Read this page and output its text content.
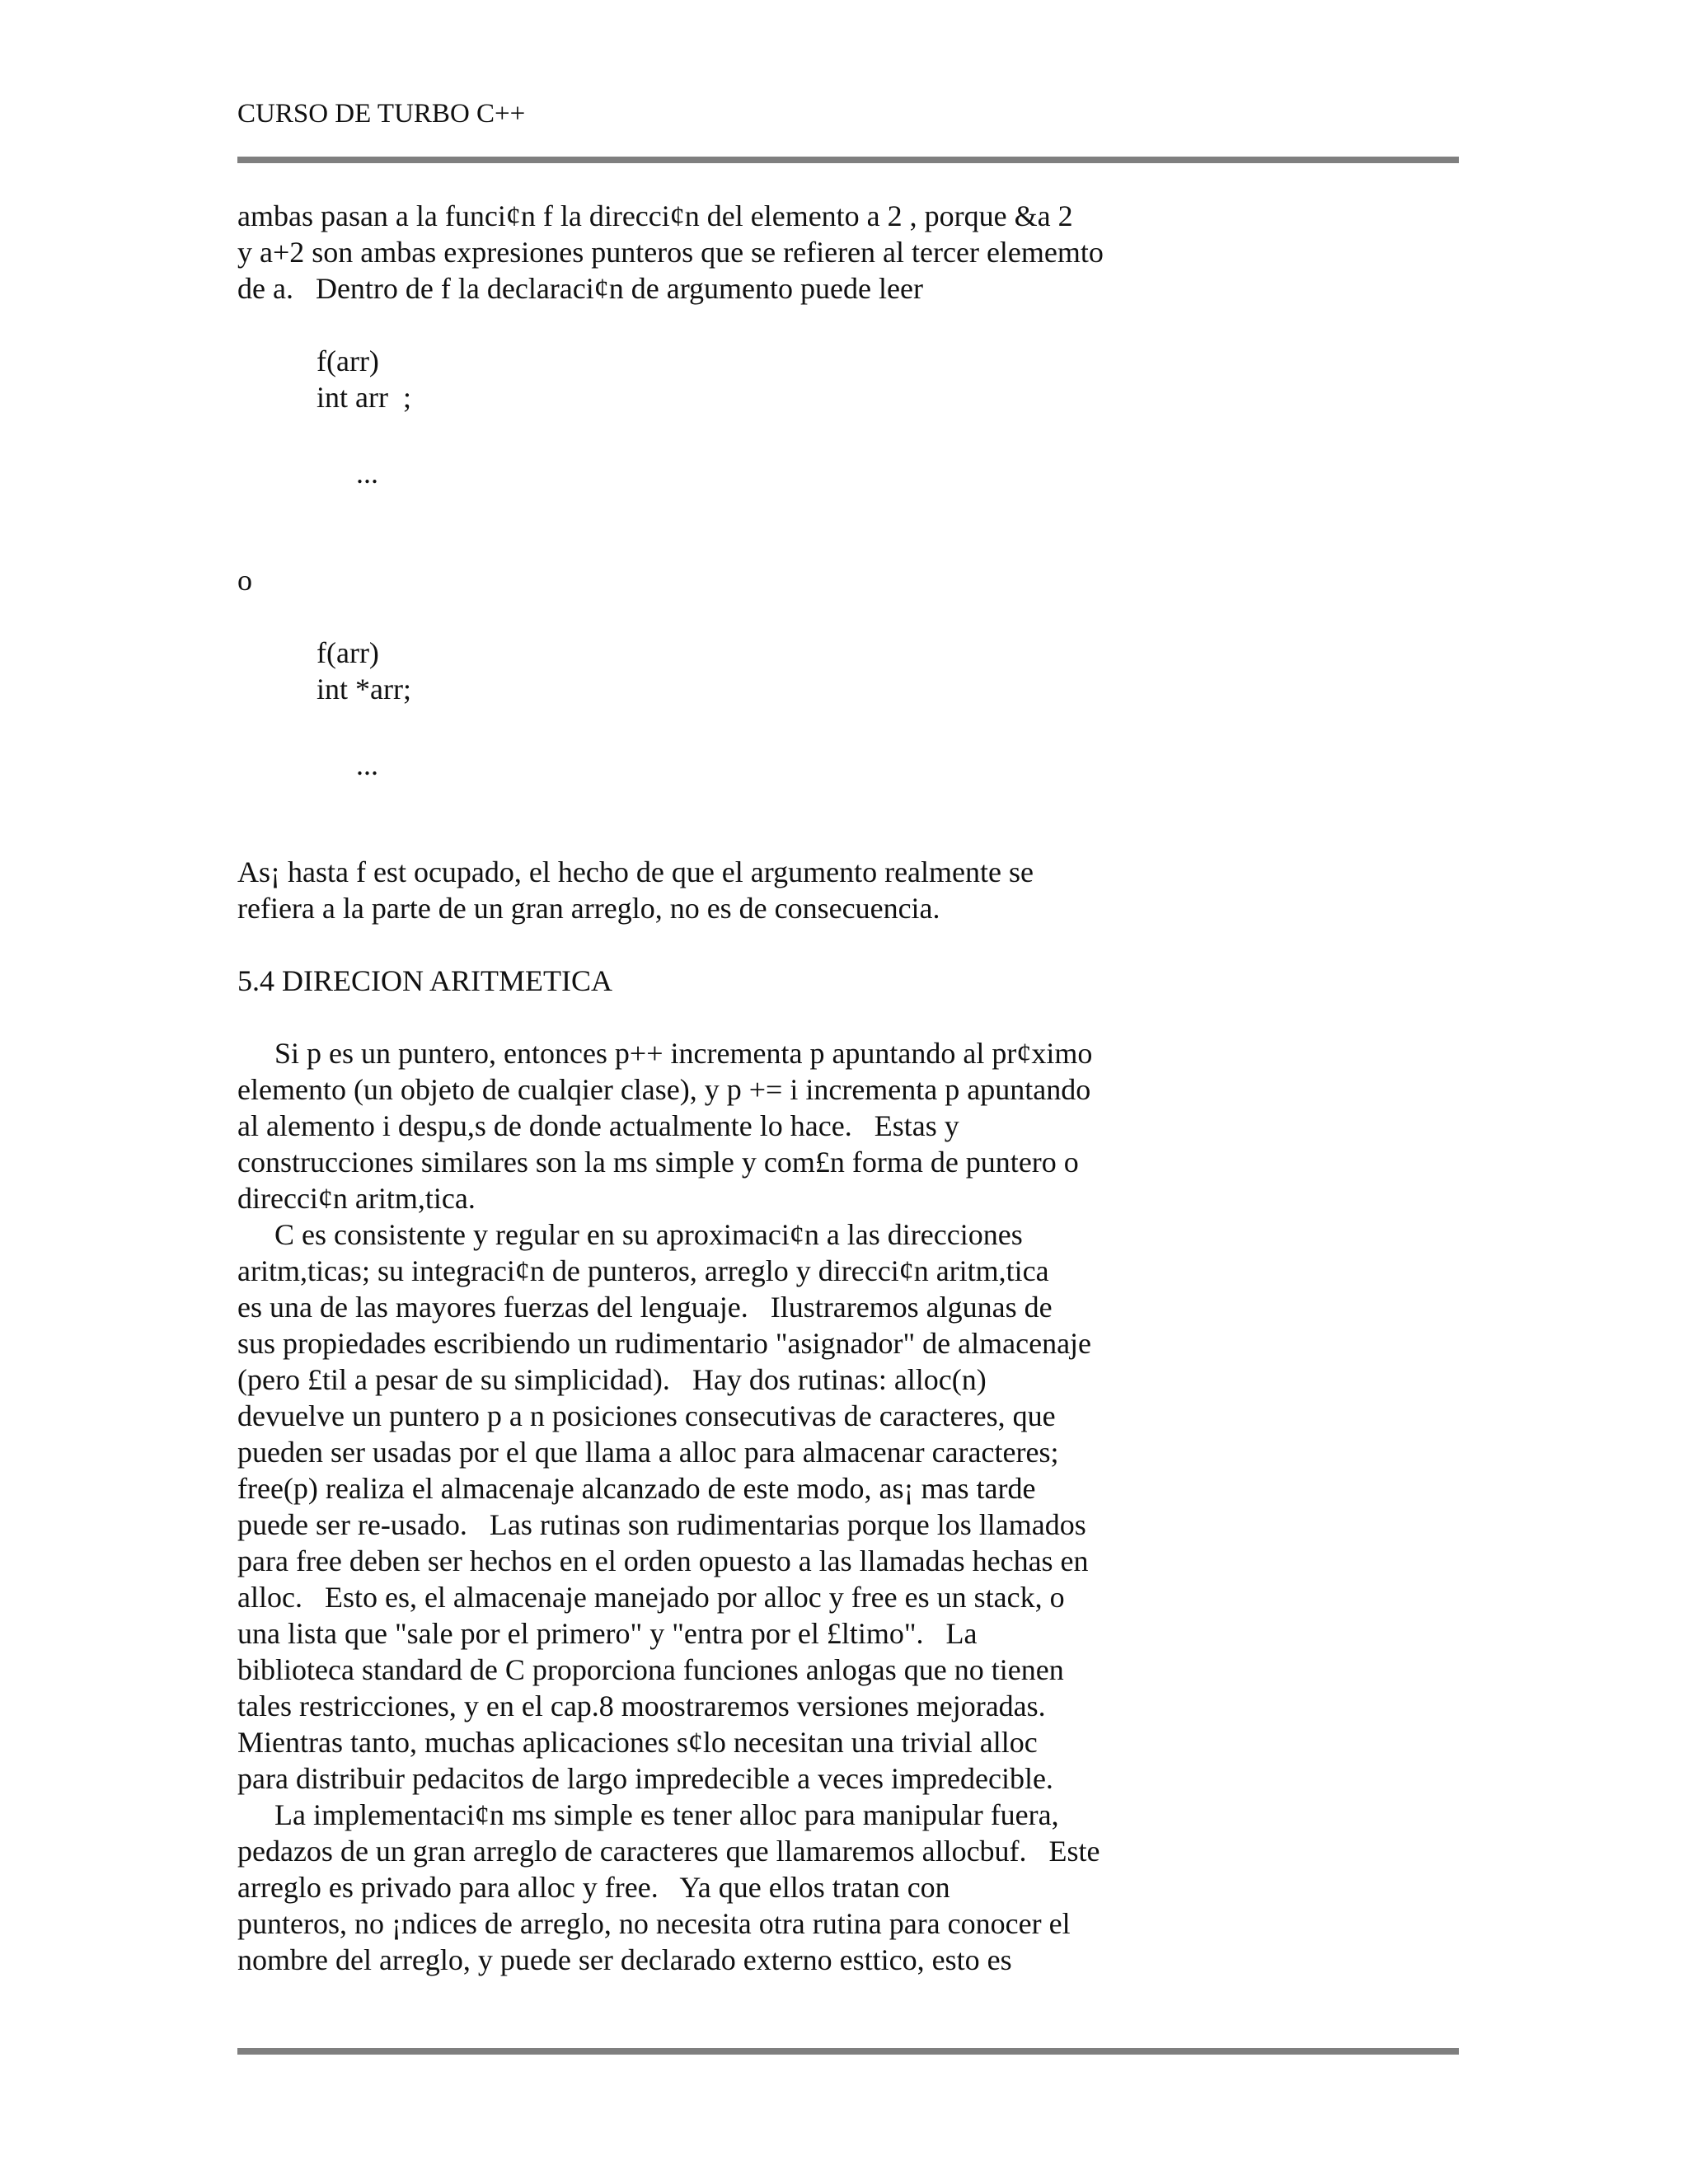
CURSO DE TURBO C++
ambas pasan a la funci¢n f la direcci¢n del elemento a 2 , porque &a 2
y a+2 son ambas expresiones punteros que se refieren al tercer elememto
de a.   Dentro de f la declaraci¢n de argumento puede leer
f(arr)
int arr  ;
...
o
f(arr)
int *arr;
...
As¡ hasta f est ocupado, el hecho de que el argumento realmente se
refiera a la parte de un gran arreglo, no es de consecuencia.
5.4 DIRECION ARITMETICA
Si p es un puntero, entonces p++ incrementa p apuntando al pr¢ximo
elemento (un objeto de cualqier clase), y p += i incrementa p apuntando
al alemento i despu,s de donde actualmente lo hace.   Estas y
construcciones similares son la ms simple y com£n forma de puntero o
direcci¢n aritm,tica.
C es consistente y regular en su aproximaci¢n a las direcciones
aritm,ticas; su integraci¢n de punteros, arreglo y direcci¢n aritm,tica
es una de las mayores fuerzas del lenguaje.   Ilustraremos algunas de
sus propiedades escribiendo un rudimentario "asignador" de almacenaje
(pero £til a pesar de su simplicidad).   Hay dos rutinas: alloc(n)
devuelve un puntero p a n posiciones consecutivas de caracteres, que
pueden ser usadas por el que llama a alloc para almacenar caracteres;
free(p) realiza el almacenaje alcanzado de este modo, as¡ mas tarde
puede ser re-usado.   Las rutinas son rudimentarias porque los llamados
para free deben ser hechos en el orden opuesto a las llamadas hechas en
alloc.   Esto es, el almacenaje manejado por alloc y free es un stack, o
una lista que "sale por el primero" y "entra por el £ltimo".   La
biblioteca standard de C proporciona funciones anlogas que no tienen
tales restricciones, y en el cap.8 moostraremos versiones mejoradas.
Mientras tanto, muchas aplicaciones s¢lo necesitan una trivial alloc
para distribuir pedacitos de largo impredecible a veces impredecible.
La implementaci¢n ms simple es tener alloc para manipular fuera,
pedazos de un gran arreglo de caracteres que llamaremos allocbuf.   Este
arreglo es privado para alloc y free.   Ya que ellos tratan con
punteros, no ¡ndices de arreglo, no necesita otra rutina para conocer el
nombre del arreglo, y puede ser declarado externo esttico, esto es
